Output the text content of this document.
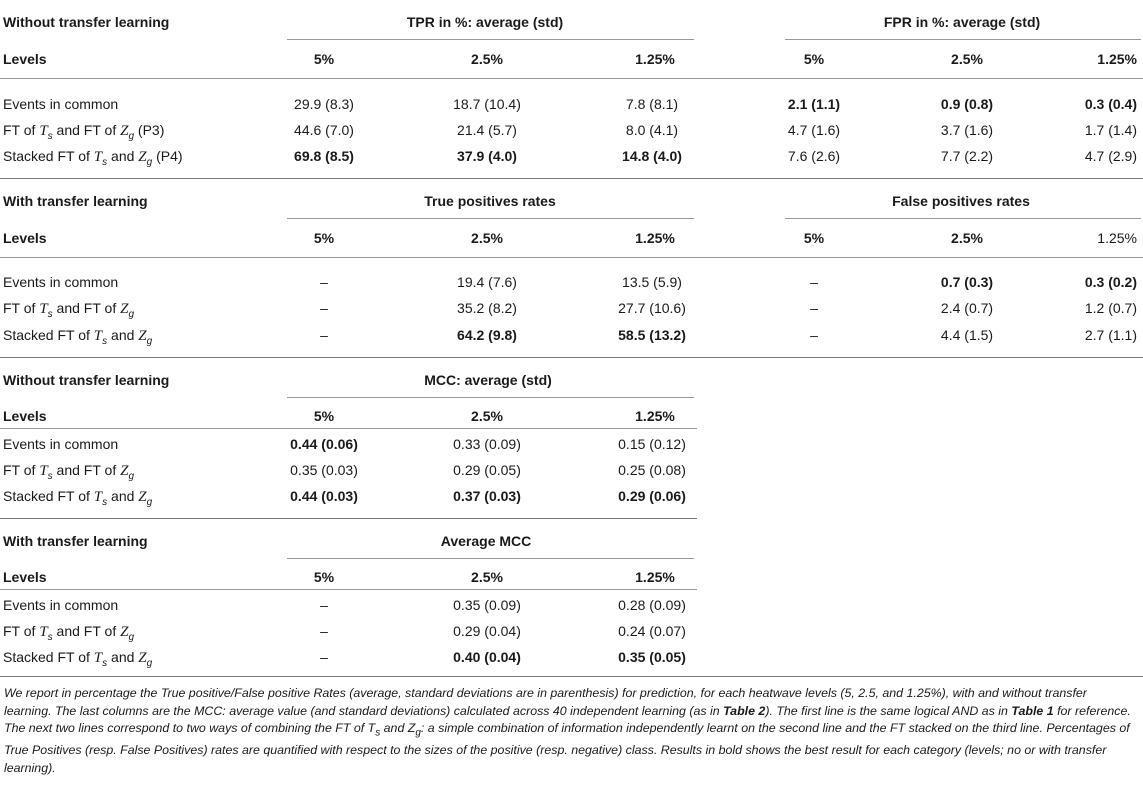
Without transfer learning	TPR in %: average (std)	FPR in %: average (std)
Levels	5%	2.5%	1.25%	5%	2.5%	1.25%
Events in common	29.9 (8.3)	18.7 (10.4)	7.8 (8.1)	2.1 (1.1)	0.9 (0.8)	0.3 (0.4)
FT of $T_s$ and FT of $Z_g$ (P3)	44.6 (7.0)	21.4 (5.7)	8.0 (4.1)	4.7 (1.6)	3.7 (1.6)	1.7 (1.4)
Stacked FT of $T_s$ and $Z_g$ (P4)	69.8 (8.5)	37.9 (4.0)	14.8 (4.0)	7.6 (2.6)	7.7 (2.2)	4.7 (2.9)
With transfer learning	True positives rates	False positives rates
Levels	5%	2.5%	1.25%	5%	2.5%	1.25%
Events in common	–	19.4 (7.6)	13.5 (5.9)	–	0.7 (0.3)	0.3 (0.2)
FT of $T_s$ and FT of $Z_g$	–	35.2 (8.2)	27.7 (10.6)	–	2.4 (0.7)	1.2 (0.7)
Stacked FT of $T_s$ and $Z_g$	–	64.2 (9.8)	58.5 (13.2)	–	4.4 (1.5)	2.7 (1.1)
Without transfer learning	MCC: average (std)
Levels	5%	2.5%	1.25%
Events in common	0.44 (0.06)	0.33 (0.09)	0.15 (0.12)
FT of $T_s$ and FT of $Z_g$	0.35 (0.03)	0.29 (0.05)	0.25 (0.08)
Stacked FT of $T_s$ and $Z_g$	0.44 (0.03)	0.37 (0.03)	0.29 (0.06)
With transfer learning	Average MCC
Levels	5%	2.5%	1.25%
Events in common	–	0.35 (0.09)	0.28 (0.09)
FT of $T_s$ and FT of $Z_g$	–	0.29 (0.04)	0.24 (0.07)
Stacked FT of $T_s$ and $Z_g$	–	0.40 (0.04)	0.35 (0.05)
We report in percentage the True positive/False positive Rates (average, standard deviations are in parenthesis) for prediction, for each heatwave levels (5, 2.5, and 1.25%), with and without transfer learning. The last columns are the MCC: average value (and standard deviations) calculated across 40 independent learning (as in Table 2). The first line is the same logical AND as in Table 1 for reference. The next two lines correspond to two ways of combining the FT of $T_s$ and $Z_g$: a simple combination of information independently learnt on the second line and the FT stacked on the third line. Percentages of True Positives (resp. False Positives) rates are quantified with respect to the sizes of the positive (resp. negative) class. Results in bold shows the best result for each category (levels; no or with transfer learning).
